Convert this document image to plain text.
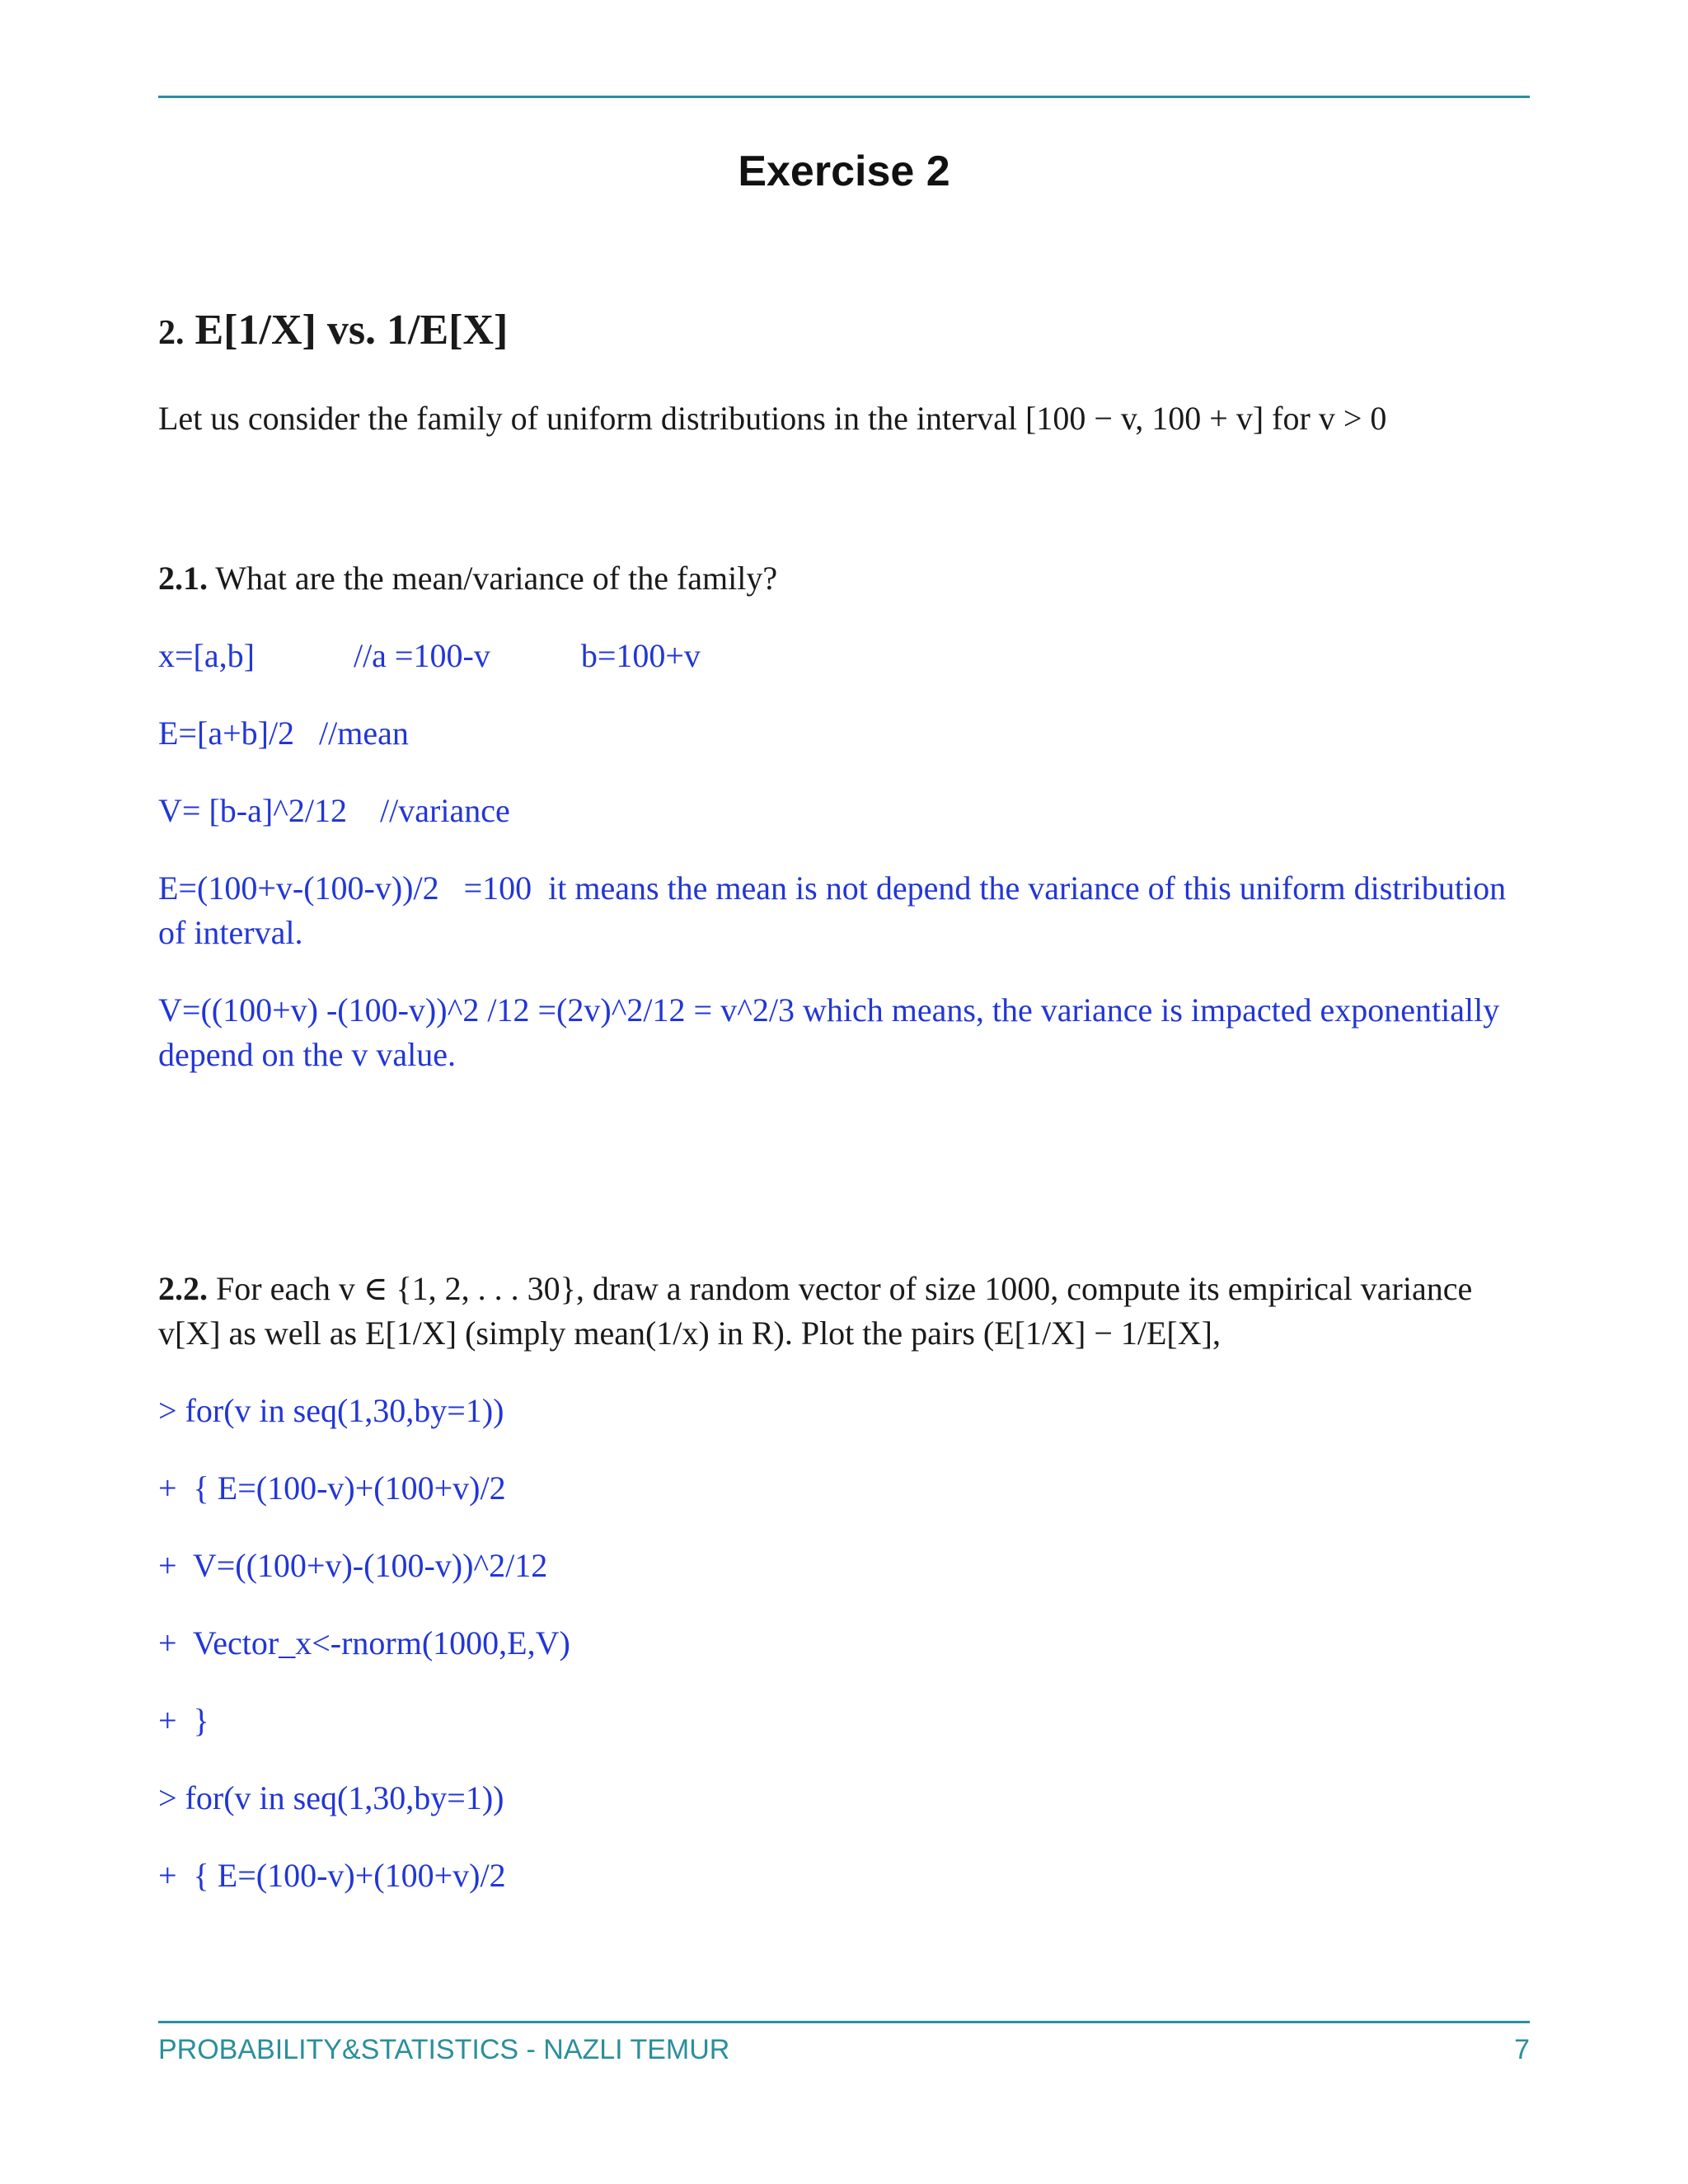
Exercise 2
2. E[1/X] vs. 1/E[X]

Let us consider the family of uniform distributions in the interval [100 − v, 100 + v] for v > 0

2.1. What are the mean/variance of the family?

x=[a,b]	//a =100-v	b=100+v

E=[a+b]/2   //mean

V= [b-a]^2/12    //variance

E=(100+v-(100-v))/2   =100  it means the mean is not depend the variance of this uniform distribution of interval.

V=((100+v) -(100-v))^2 /12 =(2v)^2/12 = v^2/3 which means, the variance is impacted exponentially depend on the v value.

2.2. For each v ∈ {1, 2, . . . 30}, draw a random vector of size 1000, compute its empirical variance v[X] as well as E[1/X] (simply mean(1/x) in R). Plot the pairs (E[1/X] − 1/E[X],

> for(v in seq(1,30,by=1))

+  { E=(100-v)+(100+v)/2

+  V=((100+v)-(100-v))^2/12

+  Vector_x<-rnorm(1000,E,V)

+  }

> for(v in seq(1,30,by=1))

+  { E=(100-v)+(100+v)/2

PROBABILITY&STATISTICS - NAZLI TEMUR	7
